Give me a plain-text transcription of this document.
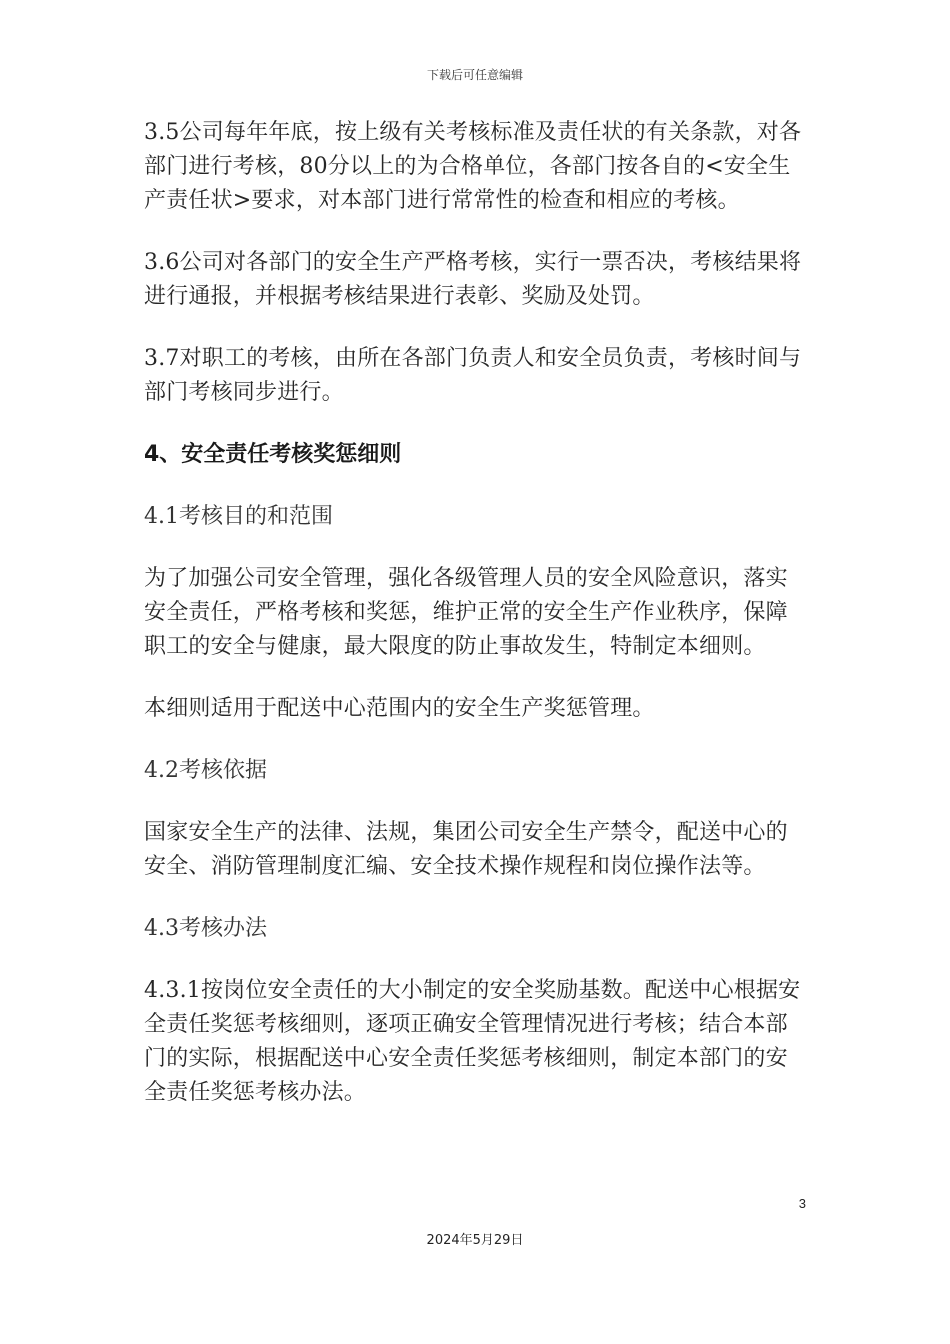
下载后可任意编辑

3.5公司每年年底，按上级有关考核标准及责任状的有关条款，对各部门进行考核，80分以上的为合格单位，各部门按各自的<安全生产责任状>要求，对本部门进行常常性的检查和相应的考核。

3.6公司对各部门的安全生产严格考核，实行一票否决，考核结果将进行通报，并根据考核结果进行表彰、奖励及处罚。

3.7对职工的考核，由所在各部门负责人和安全员负责，考核时间与部门考核同步进行。

4、安全责任考核奖惩细则

4.1考核目的和范围

为了加强公司安全管理，强化各级管理人员的安全风险意识，落实安全责任，严格考核和奖惩，维护正常的安全生产作业秩序，保障职工的安全与健康，最大限度的防止事故发生，特制定本细则。

本细则适用于配送中心范围内的安全生产奖惩管理。

4.2考核依据

国家安全生产的法律、法规，集团公司安全生产禁令，配送中心的安全、消防管理制度汇编、安全技术操作规程和岗位操作法等。

4.3考核办法

4.3.1按岗位安全责任的大小制定的安全奖励基数。配送中心根据安全责任奖惩考核细则，逐项正确安全管理情况进行考核；结合本部门的实际，根据配送中心安全责任奖惩考核细则，制定本部门的安全责任奖惩考核办法。

3
2024年5月29日
